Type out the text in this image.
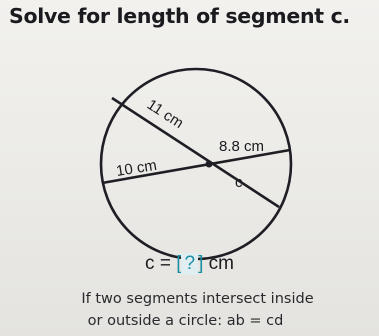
Solve for length of segment c.
11 cm
8.8 cm
10 cm
c
c = [ ? ] cm
If two segments intersect inside
or outside a circle: ab = cd
